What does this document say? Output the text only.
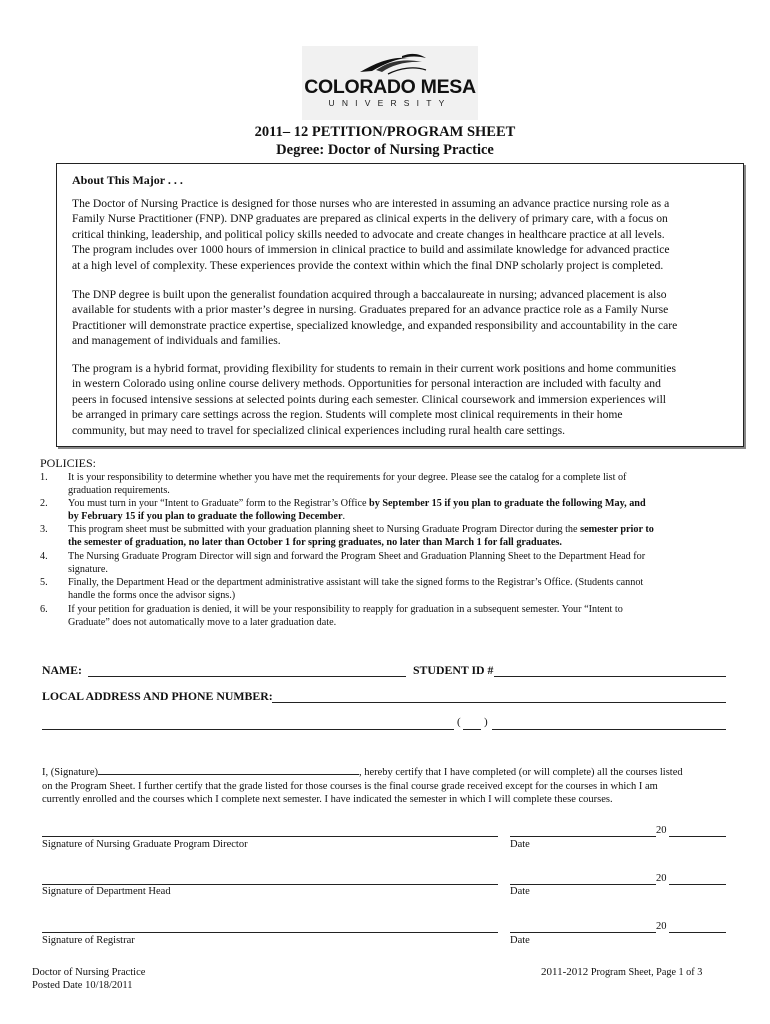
COLORADO MESA
UNIVERSITY
2011– 12 PETITION/PROGRAM SHEET
Degree: Doctor of Nursing Practice
About This Major . . .
The Doctor of Nursing Practice is designed for those nurses who are interested in assuming an advance practice nursing role as a
Family Nurse Practitioner (FNP). DNP graduates are prepared as clinical experts in the delivery of primary care, with a focus on
critical thinking, leadership, and political policy skills needed to advocate and create changes in healthcare practice at all levels.
The program includes over 1000 hours of immersion in clinical practice to build and assimilate knowledge for advanced practice
at a high level of complexity. These experiences provide the context within which the final DNP scholarly project is completed.
The DNP degree is built upon the generalist foundation acquired through a baccalaureate in nursing; advanced placement is also
available for students with a prior master’s degree in nursing. Graduates prepared for an advance practice role as a Family Nurse
Practitioner will demonstrate practice expertise, specialized knowledge, and expanded responsibility and accountability in the care
and management of individuals and families.
The program is a hybrid format, providing flexibility for students to remain in their current work positions and home communities
in western Colorado using online course delivery methods. Opportunities for personal interaction are included with faculty and
peers in focused intensive sessions at selected points during each semester. Clinical coursework and immersion experiences will
be arranged in primary care settings across the region. Students will complete most clinical requirements in their home
community, but may need to travel for specialized clinical experiences including rural health care settings.
POLICIES:
1. It is your responsibility to determine whether you have met the requirements for your degree. Please see the catalog for a complete list of
graduation requirements.
2. You must turn in your “Intent to Graduate” form to the Registrar’s Office by September 15 if you plan to graduate the following May, and
by February 15 if you plan to graduate the following December.
3. This program sheet must be submitted with your graduation planning sheet to Nursing Graduate Program Director during the semester prior to
the semester of graduation, no later than October 1 for spring graduates, no later than March 1 for fall graduates.
4. The Nursing Graduate Program Director will sign and forward the Program Sheet and Graduation Planning Sheet to the Department Head for
signature.
5. Finally, the Department Head or the department administrative assistant will take the signed forms to the Registrar’s Office. (Students cannot
handle the forms once the advisor signs.)
6. If your petition for graduation is denied, it will be your responsibility to reapply for graduation in a subsequent semester. Your “Intent to
Graduate” does not automatically move to a later graduation date.
NAME:	STUDENT ID #
LOCAL ADDRESS AND PHONE NUMBER:
( )
I, (Signature)	, hereby certify that I have completed (or will complete) all the courses listed
on the Program Sheet. I further certify that the grade listed for those courses is the final course grade received except for the courses in which I am
currently enrolled and the courses which I complete next semester. I have indicated the semester in which I will complete these courses.
Signature of Nursing Graduate Program Director
20
Date
Signature of Department Head
20
Date
Signature of Registrar
20
Date
Doctor of Nursing Practice
Posted Date 10/18/2011
2011-2012 Program Sheet, Page 1 of 3
